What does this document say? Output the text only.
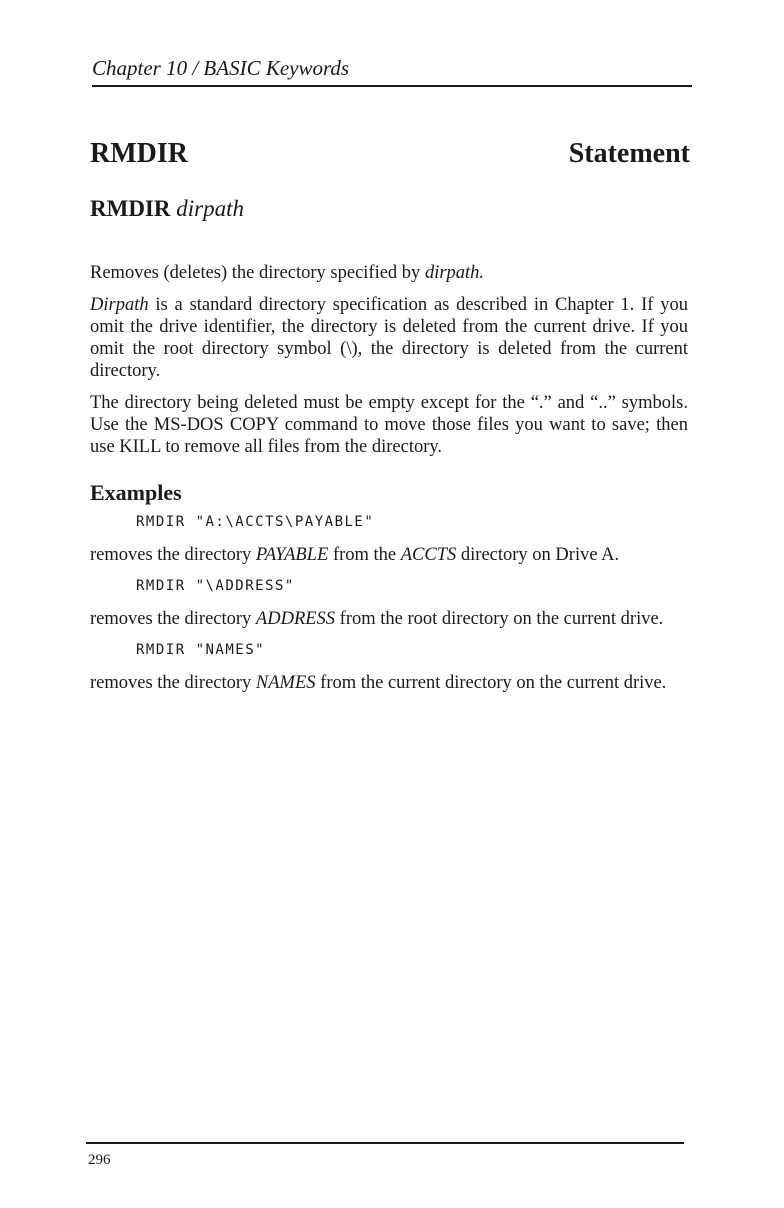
Chapter 10 / BASIC Keywords
RMDIR	Statement
RMDIR dirpath

Removes (deletes) the directory specified by dirpath.

Dirpath is a standard directory specification as described in Chapter 1. If you omit the drive identifier, the directory is deleted from the current drive. If you omit the root directory symbol (\), the directory is deleted from the current directory.

The directory being deleted must be empty except for the “.” and “..” symbols. Use the MS-DOS COPY command to move those files you want to save; then use KILL to remove all files from the directory.

Examples
RMDIR "A:\ACCTS\PAYABLE"

removes the directory PAYABLE from the ACCTS directory on Drive A.

RMDIR "\ADDRESS"

removes the directory ADDRESS from the root directory on the current drive.

RMDIR "NAMES"

removes the directory NAMES from the current directory on the current drive.

296
